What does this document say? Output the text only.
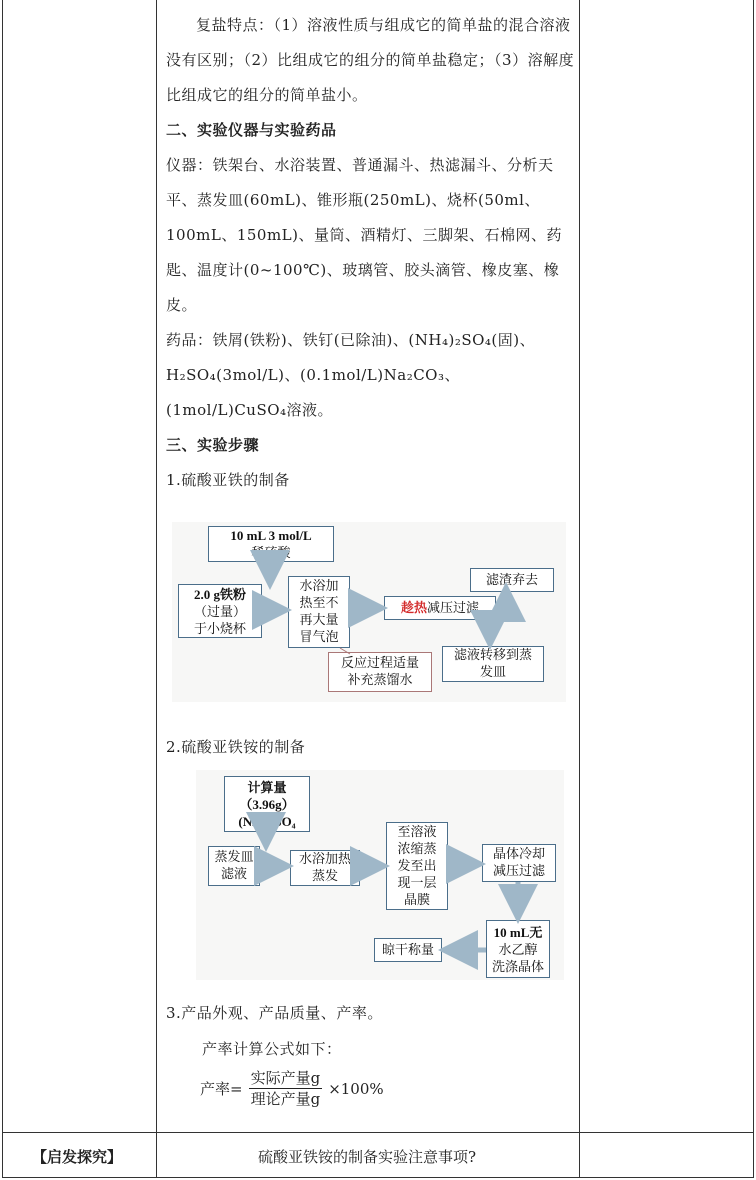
复盐特点：（1）溶液性质与组成它的简单盐的混合溶液没有区别；（2）比组成它的组分的简单盐稳定；（3）溶解度比组成它的组分的简单盐小。

二、实验仪器与实验药品

仪器：铁架台、水浴装置、普通漏斗、热滤漏斗、分析天平、蒸发皿(60mL)、锥形瓶(250mL)、烧杯(50ml、100mL、150mL)、量筒、酒精灯、三脚架、石棉网、药匙、温度计(0~100℃)、玻璃管、胶头滴管、橡皮塞、橡皮。

药品：铁屑(铁粉)、铁钉(已除油)、(NH₄)₂SO₄(固)、H₂SO₄(3mol/L)、(0.1mol/L)Na₂CO₃、(1mol/L)CuSO₄溶液。

三、实验步骤

1.硫酸亚铁的制备

10 mL 3 mol/L
稀硫酸
2.0 g铁粉
（过量）
于小烧杯
水浴加
热至不
再大量
冒气泡
趁热 减压过滤
滤渣弃去
滤液转移到蒸
发皿
反应过程适量
补充蒸馏水

2.硫酸亚铁铵的制备

计算量
（3.96g）
(NH₄)₂SO₄
蒸发皿
滤液
水浴加热
蒸发
至溶液
浓缩蒸
发至出
现一层
晶膜
晶体冷却
减压过滤
10 mL无
水乙醇
洗涤晶体
晾干称量

3.产品外观、产品质量、产率。

产率计算公式如下：

产率= $\frac{\text{实际产量g}}{\text{理论产量g}} \times 100\%$
【启发探究】	硫酸亚铁铵的制备实验注意事项?
